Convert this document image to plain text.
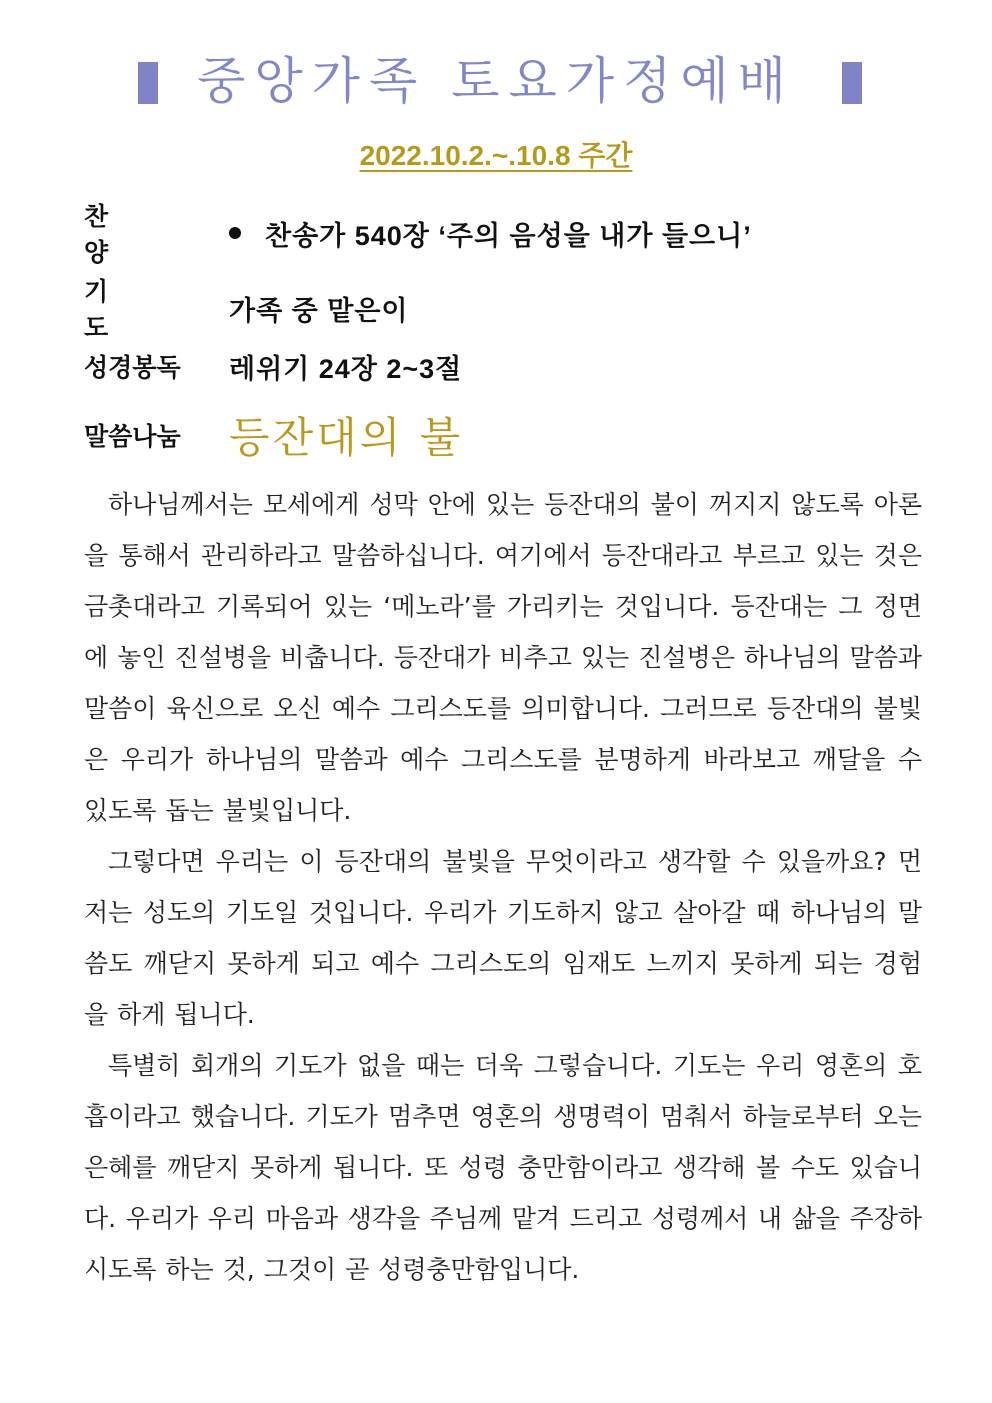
중앙가족 토요가정예배
2022.10.2.~.10.8 주간
찬 양
찬송가 540장 ‘주의 음성을 내가 들으니’
기 도
가족 중 맡은이
성경봉독	레위기 24장 2~3절
말씀나눔	등잔대의 불

하나님께서는 모세에게 성막 안에 있는 등잔대의 불이 꺼지지 않도록 아론을 통해서 관리하라고 말씀하십니다. 여기에서 등잔대라고 부르고 있는 것은 금촛대라고 기록되어 있는 ‘메노라’를 가리키는 것입니다. 등잔대는 그 정면에 놓인 진설병을 비춥니다. 등잔대가 비추고 있는 진설병은 하나님의 말씀과 말씀이 육신으로 오신 예수 그리스도를 의미합니다. 그러므로 등잔대의 불빛은 우리가 하나님의 말씀과 예수 그리스도를 분명하게 바라보고 깨달을 수 있도록 돕는 불빛입니다.

그렇다면 우리는 이 등잔대의 불빛을 무엇이라고 생각할 수 있을까요? 먼저는 성도의 기도일 것입니다. 우리가 기도하지 않고 살아갈 때 하나님의 말씀도 깨닫지 못하게 되고 예수 그리스도의 임재도 느끼지 못하게 되는 경험을 하게 됩니다.

특별히 회개의 기도가 없을 때는 더욱 그렇습니다. 기도는 우리 영혼의 호흡이라고 했습니다. 기도가 멈추면 영혼의 생명력이 멈춰서 하늘로부터 오는 은혜를 깨닫지 못하게 됩니다. 또 성령 충만함이라고 생각해 볼 수도 있습니다. 우리가 우리 마음과 생각을 주님께 맡겨 드리고 성령께서 내 삶을 주장하시도록 하는 것, 그것이 곧 성령충만함입니다.
